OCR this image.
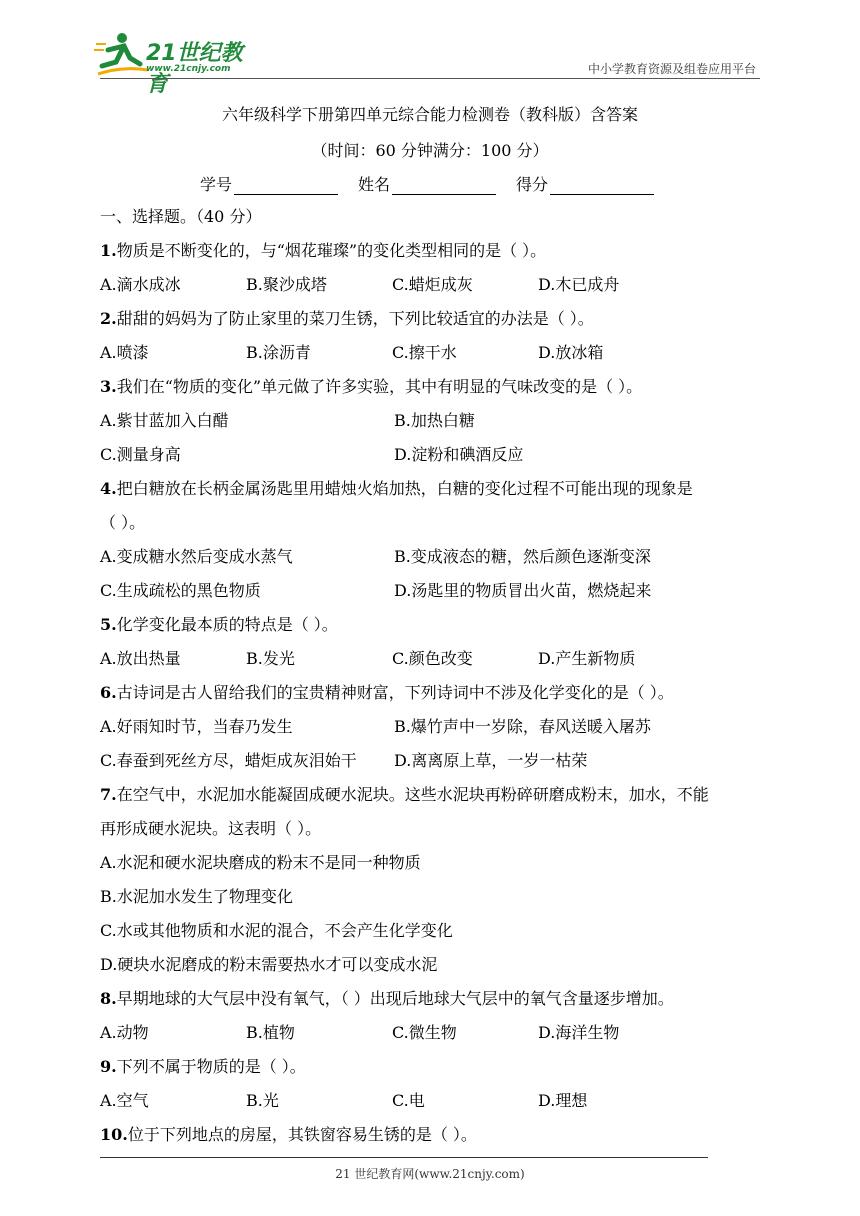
21世纪教育
www.21cnjy.com	中小学教育资源及组卷应用平台
六年级科学下册第四单元综合能力检测卷（教科版）含答案
（时间：60 分钟满分：100 分）
学号	姓名	得分
一、选择题。（40 分）
1.物质是不断变化的，与“烟花璀璨”的变化类型相同的是（ ）。
A.滴水成冰	B.聚沙成塔	C.蜡炬成灰	D.木已成舟
2.甜甜的妈妈为了防止家里的菜刀生锈，下列比较适宜的办法是（ ）。
A.喷漆	B.涂沥青	C.擦干水	D.放冰箱
3.我们在“物质的变化”单元做了许多实验，其中有明显的气味改变的是（ ）。
A.紫甘蓝加入白醋	B.加热白糖
C.测量身高	D.淀粉和碘酒反应
4.把白糖放在长柄金属汤匙里用蜡烛火焰加热，白糖的变化过程不可能出现的现象是
（ ）。
A.变成糖水然后变成水蒸气	B.变成液态的糖，然后颜色逐渐变深
C.生成疏松的黑色物质	D.汤匙里的物质冒出火苗，燃烧起来
5.化学变化最本质的特点是（ ）。
A.放出热量	B.发光	C.颜色改变	D.产生新物质
6.古诗词是古人留给我们的宝贵精神财富，下列诗词中不涉及化学变化的是（ ）。
A.好雨知时节，当春乃发生	B.爆竹声中一岁除，春风送暖入屠苏
C.春蚕到死丝方尽，蜡炬成灰泪始干 D.离离原上草，一岁一枯荣
7.在空气中，水泥加水能凝固成硬水泥块。这些水泥块再粉碎研磨成粉末，加水，不能
再形成硬水泥块。这表明（ ）。
A.水泥和硬水泥块磨成的粉末不是同一种物质
B.水泥加水发生了物理变化
C.水或其他物质和水泥的混合，不会产生化学变化
D.硬块水泥磨成的粉末需要热水才可以变成水泥
8.早期地球的大气层中没有氧气，（ ）出现后地球大气层中的氧气含量逐步增加。
A.动物	B.植物	C.微生物	D.海洋生物
9.下列不属于物质的是（ ）。
A.空气	B.光	C.电	D.理想
10.位于下列地点的房屋，其铁窗容易生锈的是（ ）。
21 世纪教育网(www.21cnjy.com)
